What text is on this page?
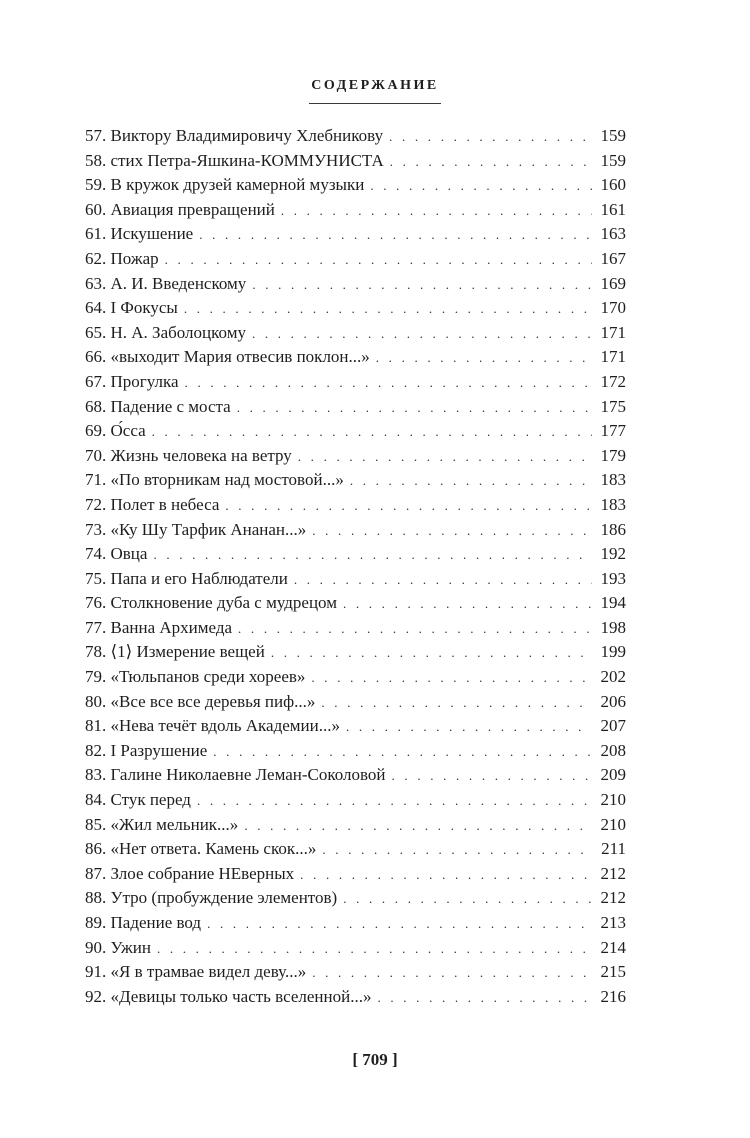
СОДЕРЖАНИЕ
57. Виктору Владимировичу Хлебникову . . .	159
58. стих Петра-Яшкина-КОММУНИСТА . . .	159
59. В кружок друзей камерной музыки . . .	160
60. Авиация превращений . . .	161
61. Искушение . . .	163
62. Пожар . . .	167
63. А. И. Введенскому . . .	169
64. I Фокусы . . .	170
65. Н. А. Заболоцкому . . .	171
66. «выходит Мария отвесив поклон...» . . .	171
67. Прогулка . . .	172
68. Падение с моста . . .	175
69. О́сса . . .	177
70. Жизнь человека на ветру . . .	179
71. «По вторникам над мостовой...» . . .	183
72. Полет в небеса . . .	183
73. «Ку Шу Тарфик Ананан...» . . .	186
74. Овца . . .	192
75. Папа и его Наблюдатели . . .	193
76. Столкновение дуба с мудрецом . . .	194
77. Ванна Архимеда . . .	198
78. ⟨1⟩ Измерение вещей . . .	199
79. «Тюльпанов среди хореев» . . .	202
80. «Все все все деревья пиф...» . . .	206
81. «Нева течёт вдоль Академии...» . . .	207
82. I Разрушение . . .	208
83. Галине Николаевне Леман-Соколовой . . .	209
84. Стук перед . . .	210
85. «Жил мельник...» . . .	210
86. «Нет ответа. Камень скок...» . . .	211
87. Злое собрание НЕверных . . .	212
88. Утро (пробуждение элементов) . . .	212
89. Падение вод . . .	213
90. Ужин . . .	214
91. «Я в трамвае видел деву...» . . .	215
92. «Девицы только часть вселенной...» . . .	216
[ 709 ]
